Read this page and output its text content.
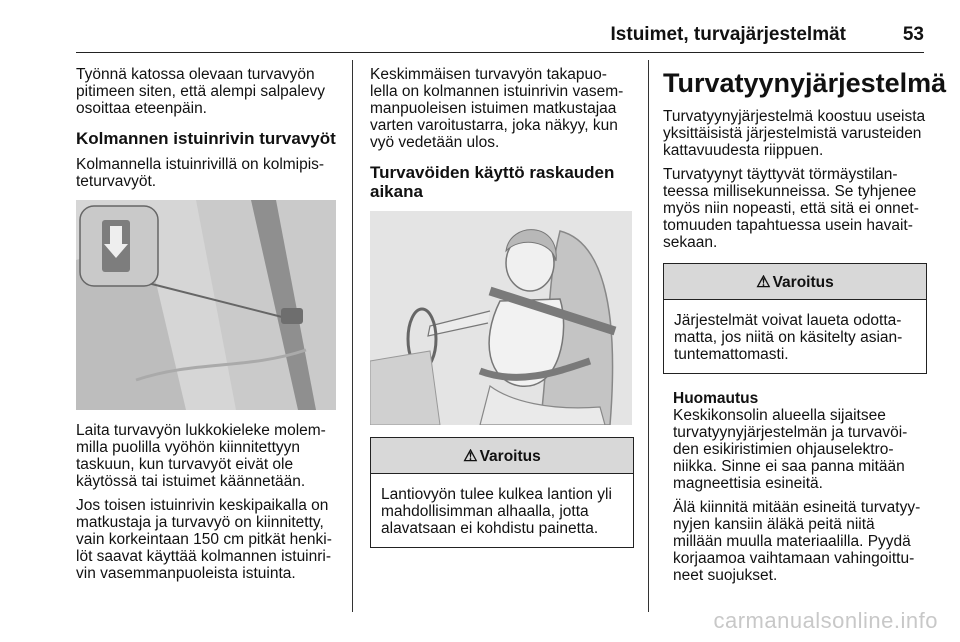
Istuimet, turvajärjestelmät	53

Työnnä katossa olevaan turvavyön pitimeen siten, että alempi salpalevy osoittaa eteenpäin.

Kolmannen istuinrivin turvavyöt

Kolmannella istuinrivillä on kolmipis- teturvavyöt.

Laita turvavyön lukkokieleke molem- milla puolilla vyöhön kiinnitettyyn taskuun, kun turvavyöt eivät ole käytössä tai istuimet käännetään.

Jos toisen istuinrivin keskipaikalla on matkustaja ja turvavyö on kiinnitetty, vain korkeintaan 150 cm pitkät henki- löt saavat käyttää kolmannen istuinri- vin vasemmanpuoleista istuinta.

Keskimmäisen turvavyön takapuo- lella on kolmannen istuinrivin vasem- manpuoleisen istuimen matkustajaa varten varoitustarra, joka näkyy, kun vyö vedetään ulos.

Turvavöiden käyttö raskauden aikana
⚠ Varoitus
Lantiovyön tulee kulkea lantion yli mahdollisimman alhaalla, jotta alavatsaan ei kohdistu painetta.
Turvatyynyjärjestelmä

Turvatyynyjärjestelmä koostuu useista yksittäisistä järjestelmistä varusteiden kattavuudesta riippuen.

Turvatyynyt täyttyvät törmäystilan- teessa millisekunneissa. Se tyhjenee myös niin nopeasti, että sitä ei onnet- tomuuden tapahtuessa usein havait- sekaan.

⚠ Varoitus
Järjestelmät voivat laueta odotta- matta, jos niitä on käsitelty asian- tuntemattomasti.
Huomautus

Keskikonsolin alueella sijaitsee turvatyynyjärjestelmän ja turvavöi- den esikiristimien ohjauselektro- niikka. Sinne ei saa panna mitään magneettisia esineitä.

Älä kiinnitä mitään esineitä turvatyy- nyjen kansiin äläkä peitä niitä millään muulla materiaalilla. Pyydä korjaamoa vaihtamaan vahingoittu- neet suojukset.

carmanualsonline.info
